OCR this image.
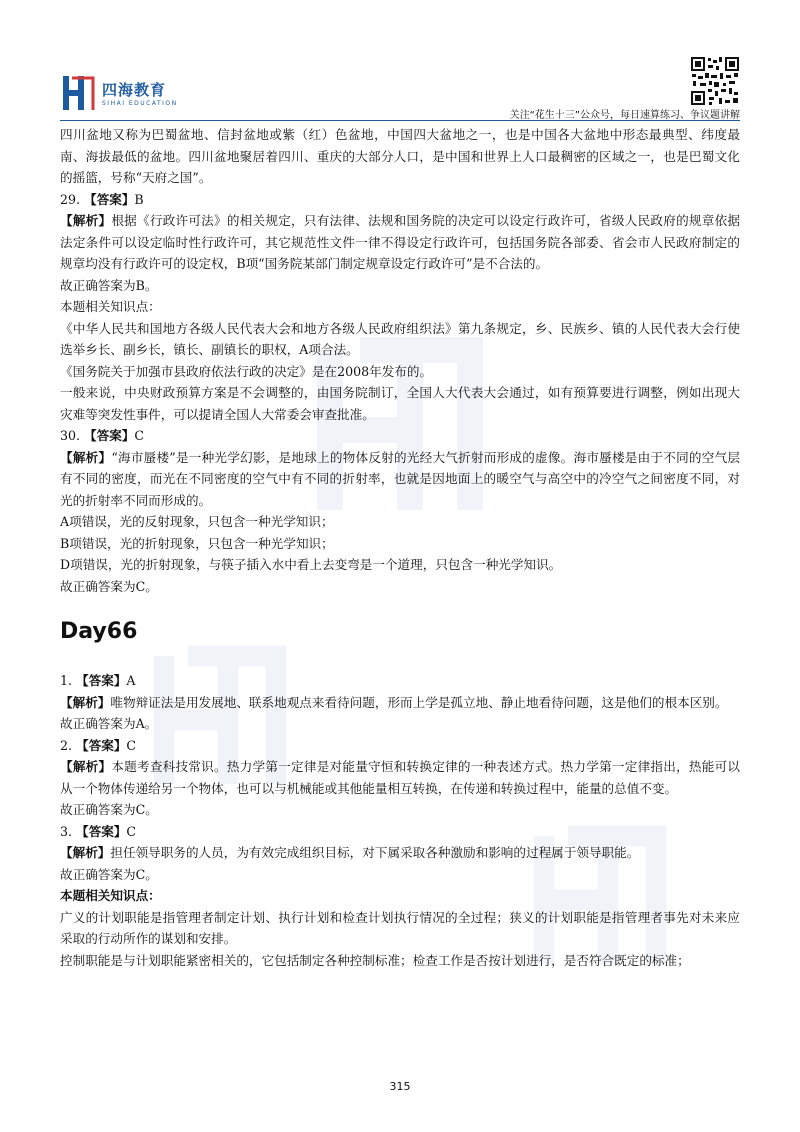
四海教育
SIHAI EDUCATION
关注“花生十三”公众号，每日速算练习、争议题讲解

四川盆地又称为巴蜀盆地、信封盆地或紫（红）色盆地，中国四大盆地之一，也是中国各大盆地中形态最典型、纬度最南、海拔最低的盆地。四川盆地聚居着四川、重庆的大部分人口，是中国和世界上人口最稠密的区域之一，也是巴蜀文化的摇篮，号称“天府之国”。

29. 【答案】B

【解析】根据《行政许可法》的相关规定，只有法律、法规和国务院的决定可以设定行政许可，省级人民政府的规章依据法定条件可以设定临时性行政许可，其它规范性文件一律不得设定行政许可，包括国务院各部委、省会市人民政府制定的规章均没有行政许可的设定权，B项“国务院某部门制定规章设定行政许可”是不合法的。

故正确答案为B。

本题相关知识点：

《中华人民共和国地方各级人民代表大会和地方各级人民政府组织法》第九条规定，乡、民族乡、镇的人民代表大会行使选举乡长、副乡长，镇长、副镇长的职权，A项合法。

《国务院关于加强市县政府依法行政的决定》是在2008年发布的。

一般来说，中央财政预算方案是不会调整的，由国务院制订，全国人大代表大会通过，如有预算要进行调整，例如出现大灾难等突发性事件，可以提请全国人大常委会审查批准。

30. 【答案】C

【解析】“海市蜃楼”是一种光学幻影，是地球上的物体反射的光经大气折射而形成的虚像。海市蜃楼是由于不同的空气层有不同的密度，而光在不同密度的空气中有不同的折射率，也就是因地面上的暖空气与高空中的冷空气之间密度不同，对光的折射率不同而形成的。

A项错误，光的反射现象，只包含一种光学知识；

B项错误，光的折射现象，只包含一种光学知识；

D项错误，光的折射现象，与筷子插入水中看上去变弯是一个道理，只包含一种光学知识。

故正确答案为C。

Day66

1. 【答案】A

【解析】唯物辩证法是用发展地、联系地观点来看待问题，形而上学是孤立地、静止地看待问题，这是他们的根本区别。

故正确答案为A。

2. 【答案】C

【解析】本题考查科技常识。热力学第一定律是对能量守恒和转换定律的一种表述方式。热力学第一定律指出，热能可以从一个物体传递给另一个物体，也可以与机械能或其他能量相互转换，在传递和转换过程中，能量的总值不变。

故正确答案为C。

3. 【答案】C

【解析】担任领导职务的人员，为有效完成组织目标，对下属采取各种激励和影响的过程属于领导职能。

故正确答案为C。

本题相关知识点：

广义的计划职能是指管理者制定计划、执行计划和检查计划执行情况的全过程；狭义的计划职能是指管理者事先对未来应采取的行动所作的谋划和安排。

控制职能是与计划职能紧密相关的，它包括制定各种控制标准；检查工作是否按计划进行，是否符合既定的标准；

315
